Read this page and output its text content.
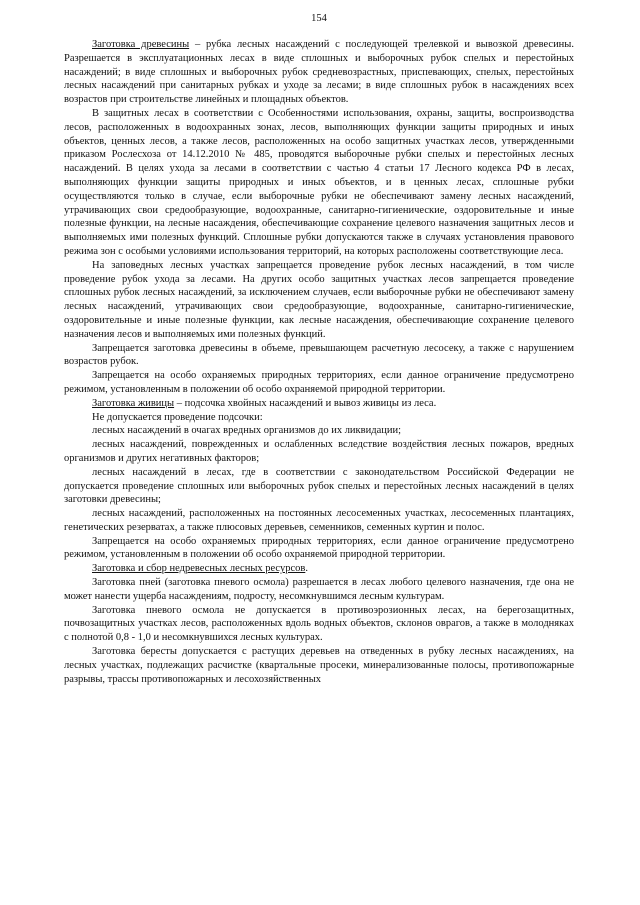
154

Заготовка древесины – рубка лесных насаждений с последующей трелевкой и вывозкой древесины. Разрешается в эксплуатационных лесах в виде сплошных и выборочных рубок спелых и перестойных насаждений; в виде сплошных и выборочных рубок средневозрастных, приспевающих, спелых, перестойных лесных насаждений при санитарных рубках и уходе за лесами; в виде сплошных рубок в насаждениях всех возрастов при строительстве линейных и площадных объектов.

В защитных лесах в соответствии с Особенностями использования, охраны, защиты, воспроизводства лесов, расположенных в водоохранных зонах, лесов, выполняющих функции защиты природных и иных объектов, ценных лесов, а также лесов, расположенных на особо защитных участках лесов, утвержденными приказом Рослесхоза от 14.12.2010 № 485, проводятся выборочные рубки спелых и перестойных лесных насаждений. В целях ухода за лесами в соответствии с частью 4 статьи 17 Лесного кодекса РФ в лесах, выполняющих функции защиты природных и иных объектов, и в ценных лесах, сплошные рубки осуществляются только в случае, если выборочные рубки не обеспечивают замену лесных насаждений, утрачивающих свои средообразующие, водоохранные, санитарно-гигиенические, оздоровительные и иные полезные функции, на лесные насаждения, обеспечивающие сохранение целевого назначения защитных лесов и выполняемых ими полезных функций. Сплошные рубки допускаются также в случаях установления правового режима зон с особыми условиями использования территорий, на которых расположены соответствующие леса.

На заповедных лесных участках запрещается проведение рубок лесных насаждений, в том числе проведение рубок ухода за лесами. На других особо защитных участках лесов запрещается проведение сплошных рубок лесных насаждений, за исключением случаев, если выборочные рубки не обеспечивают замену лесных насаждений, утрачивающих свои средообразующие, водоохранные, санитарно-гигиенические, оздоровительные и иные полезные функции, как лесные насаждения, обеспечивающие сохранение целевого назначения лесов и выполняемых ими полезных функций.

Запрещается заготовка древесины в объеме, превышающем расчетную лесосеку, а также с нарушением возрастов рубок.

Запрещается на особо охраняемых природных территориях, если данное ограничение предусмотрено режимом, установленным в положении об особо охраняемой природной территории.

Заготовка живицы – подсочка хвойных насаждений и вывоз живицы из леса.

Не допускается проведение подсочки:

лесных насаждений в очагах вредных организмов до их ликвидации;

лесных насаждений, поврежденных и ослабленных вследствие воздействия лесных пожаров, вредных организмов и других негативных факторов;

лесных насаждений в лесах, где в соответствии с законодательством Российской Федерации не допускается проведение сплошных или выборочных рубок спелых и перестойных лесных насаждений в целях заготовки древесины;

лесных насаждений, расположенных на постоянных лесосеменных участках, лесосеменных плантациях, генетических резерватах, а также плюсовых деревьев, семенников, семенных куртин и полос.

Запрещается на особо охраняемых природных территориях, если данное ограничение предусмотрено режимом, установленным в положении об особо охраняемой природной территории.

Заготовка и сбор недревесных лесных ресурсов.

Заготовка пней (заготовка пневого осмола) разрешается в лесах любого целевого назначения, где она не может нанести ущерба насаждениям, подросту, несомкнувшимся лесным культурам.

Заготовка пневого осмола не допускается в противоэрозионных лесах, на берегозащитных, почвозащитных участках лесов, расположенных вдоль водных объектов, склонов оврагов, а также в молодняках с полнотой 0,8 - 1,0 и несомкнувшихся лесных культурах.

Заготовка бересты допускается с растущих деревьев на отведенных в рубку лесных насаждениях, на лесных участках, подлежащих расчистке (квартальные просеки, минерализованные полосы, противопожарные разрывы, трассы противопожарных и лесохозяйственных
